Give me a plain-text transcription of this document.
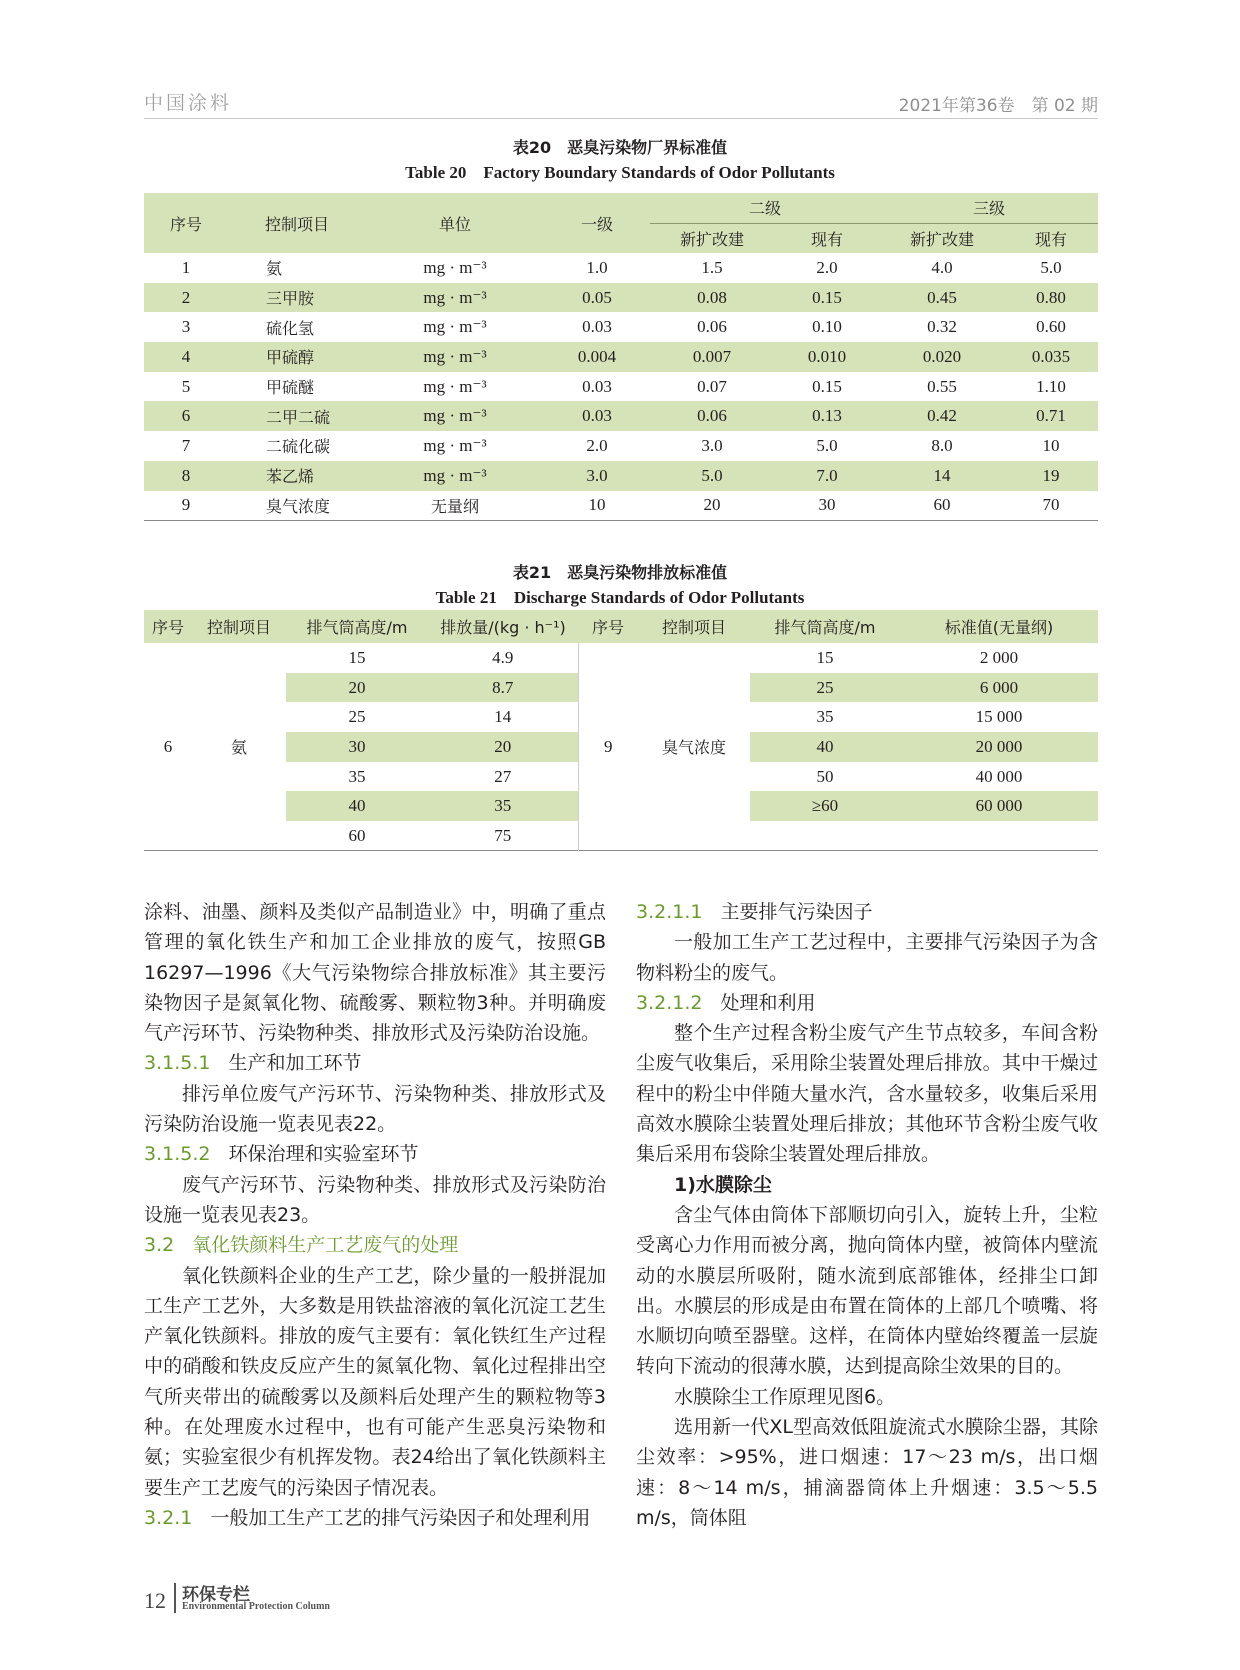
中国涂料	2021年第36卷　第 02 期
表20　恶臭污染物厂界标准值
Table 20　Factory Boundary Standards of Odor Pollutants
序号	控制项目	单位	一级	二级		三级	
				新扩改建	现有	新扩改建	现有
1	氨	mg · m⁻³	1.0	1.5	2.0	4.0	5.0
2	三甲胺	mg · m⁻³	0.05	0.08	0.15	0.45	0.80
3	硫化氢	mg · m⁻³	0.03	0.06	0.10	0.32	0.60
4	甲硫醇	mg · m⁻³	0.004	0.007	0.010	0.020	0.035
5	甲硫醚	mg · m⁻³	0.03	0.07	0.15	0.55	1.10
6	二甲二硫	mg · m⁻³	0.03	0.06	0.13	0.42	0.71
7	二硫化碳	mg · m⁻³	2.0	3.0	5.0	8.0	10
8	苯乙烯	mg · m⁻³	3.0	5.0	7.0	14	19
9	臭气浓度	无量纲	10	20	30	60	70
表21　恶臭污染物排放标准值
Table 21　Discharge Standards of Odor Pollutants
序号	控制项目	排气筒高度/m	排放量/(kg · h⁻¹)	序号	控制项目	排气筒高度/m	标准值(无量纲)
6	氨	15	4.9	9	臭气浓度	15	2 000
		20	8.7			25	6 000
		25	14			35	15 000
		30	20			40	20 000
		35	27			50	40 000
		40	35			≥60	60 000
		60	75				

涂料、油墨、颜料及类似产品制造业》中，明确了重点管理的氧化铁生产和加工企业排放的废气，按照GB 16297—1996《大气污染物综合排放标准》其主要污染物因子是氮氧化物、硫酸雾、颗粒物3种。并明确废气产污环节、污染物种类、排放形式及污染防治设施。

3.1.5.1 生产和加工环节

排污单位废气产污环节、污染物种类、排放形式及污染防治设施一览表见表22。

3.1.5.2 环保治理和实验室环节

废气产污环节、污染物种类、排放形式及污染防治设施一览表见表23。

3.2 氧化铁颜料生产工艺废气的处理

氧化铁颜料企业的生产工艺，除少量的一般拼混加工生产工艺外，大多数是用铁盐溶液的氧化沉淀工艺生产氧化铁颜料。排放的废气主要有：氧化铁红生产过程中的硝酸和铁皮反应产生的氮氧化物、氧化过程排出空气所夹带出的硫酸雾以及颜料后处理产生的颗粒物等3种。在处理废水过程中，也有可能产生恶臭污染物和氨；实验室很少有机挥发物。表24给出了氧化铁颜料主要生产工艺废气的污染因子情况表。

3.2.1 一般加工生产工艺的排气污染因子和处理利用

3.2.1.1 主要排气污染因子

一般加工生产工艺过程中，主要排气污染因子为含物料粉尘的废气。

3.2.1.2 处理和利用

整个生产过程含粉尘废气产生节点较多，车间含粉尘废气收集后，采用除尘装置处理后排放。其中干燥过程中的粉尘中伴随大量水汽，含水量较多，收集后采用高效水膜除尘装置处理后排放；其他环节含粉尘废气收集后采用布袋除尘装置处理后排放。

1)水膜除尘

含尘气体由筒体下部顺切向引入，旋转上升，尘粒受离心力作用而被分离，抛向筒体内壁，被筒体内壁流动的水膜层所吸附，随水流到底部锥体，经排尘口卸出。水膜层的形成是由布置在筒体的上部几个喷嘴、将水顺切向喷至器壁。这样，在筒体内壁始终覆盖一层旋转向下流动的很薄水膜，达到提高除尘效果的目的。

水膜除尘工作原理见图6。

选用新一代XL型高效低阻旋流式水膜除尘器，其除尘效率：>95%，进口烟速：17～23 m/s，出口烟速：8～14 m/s，捕滴器筒体上升烟速：3.5～5.5 m/s，筒体阻

12 环保专栏
Environmental Protection Column
